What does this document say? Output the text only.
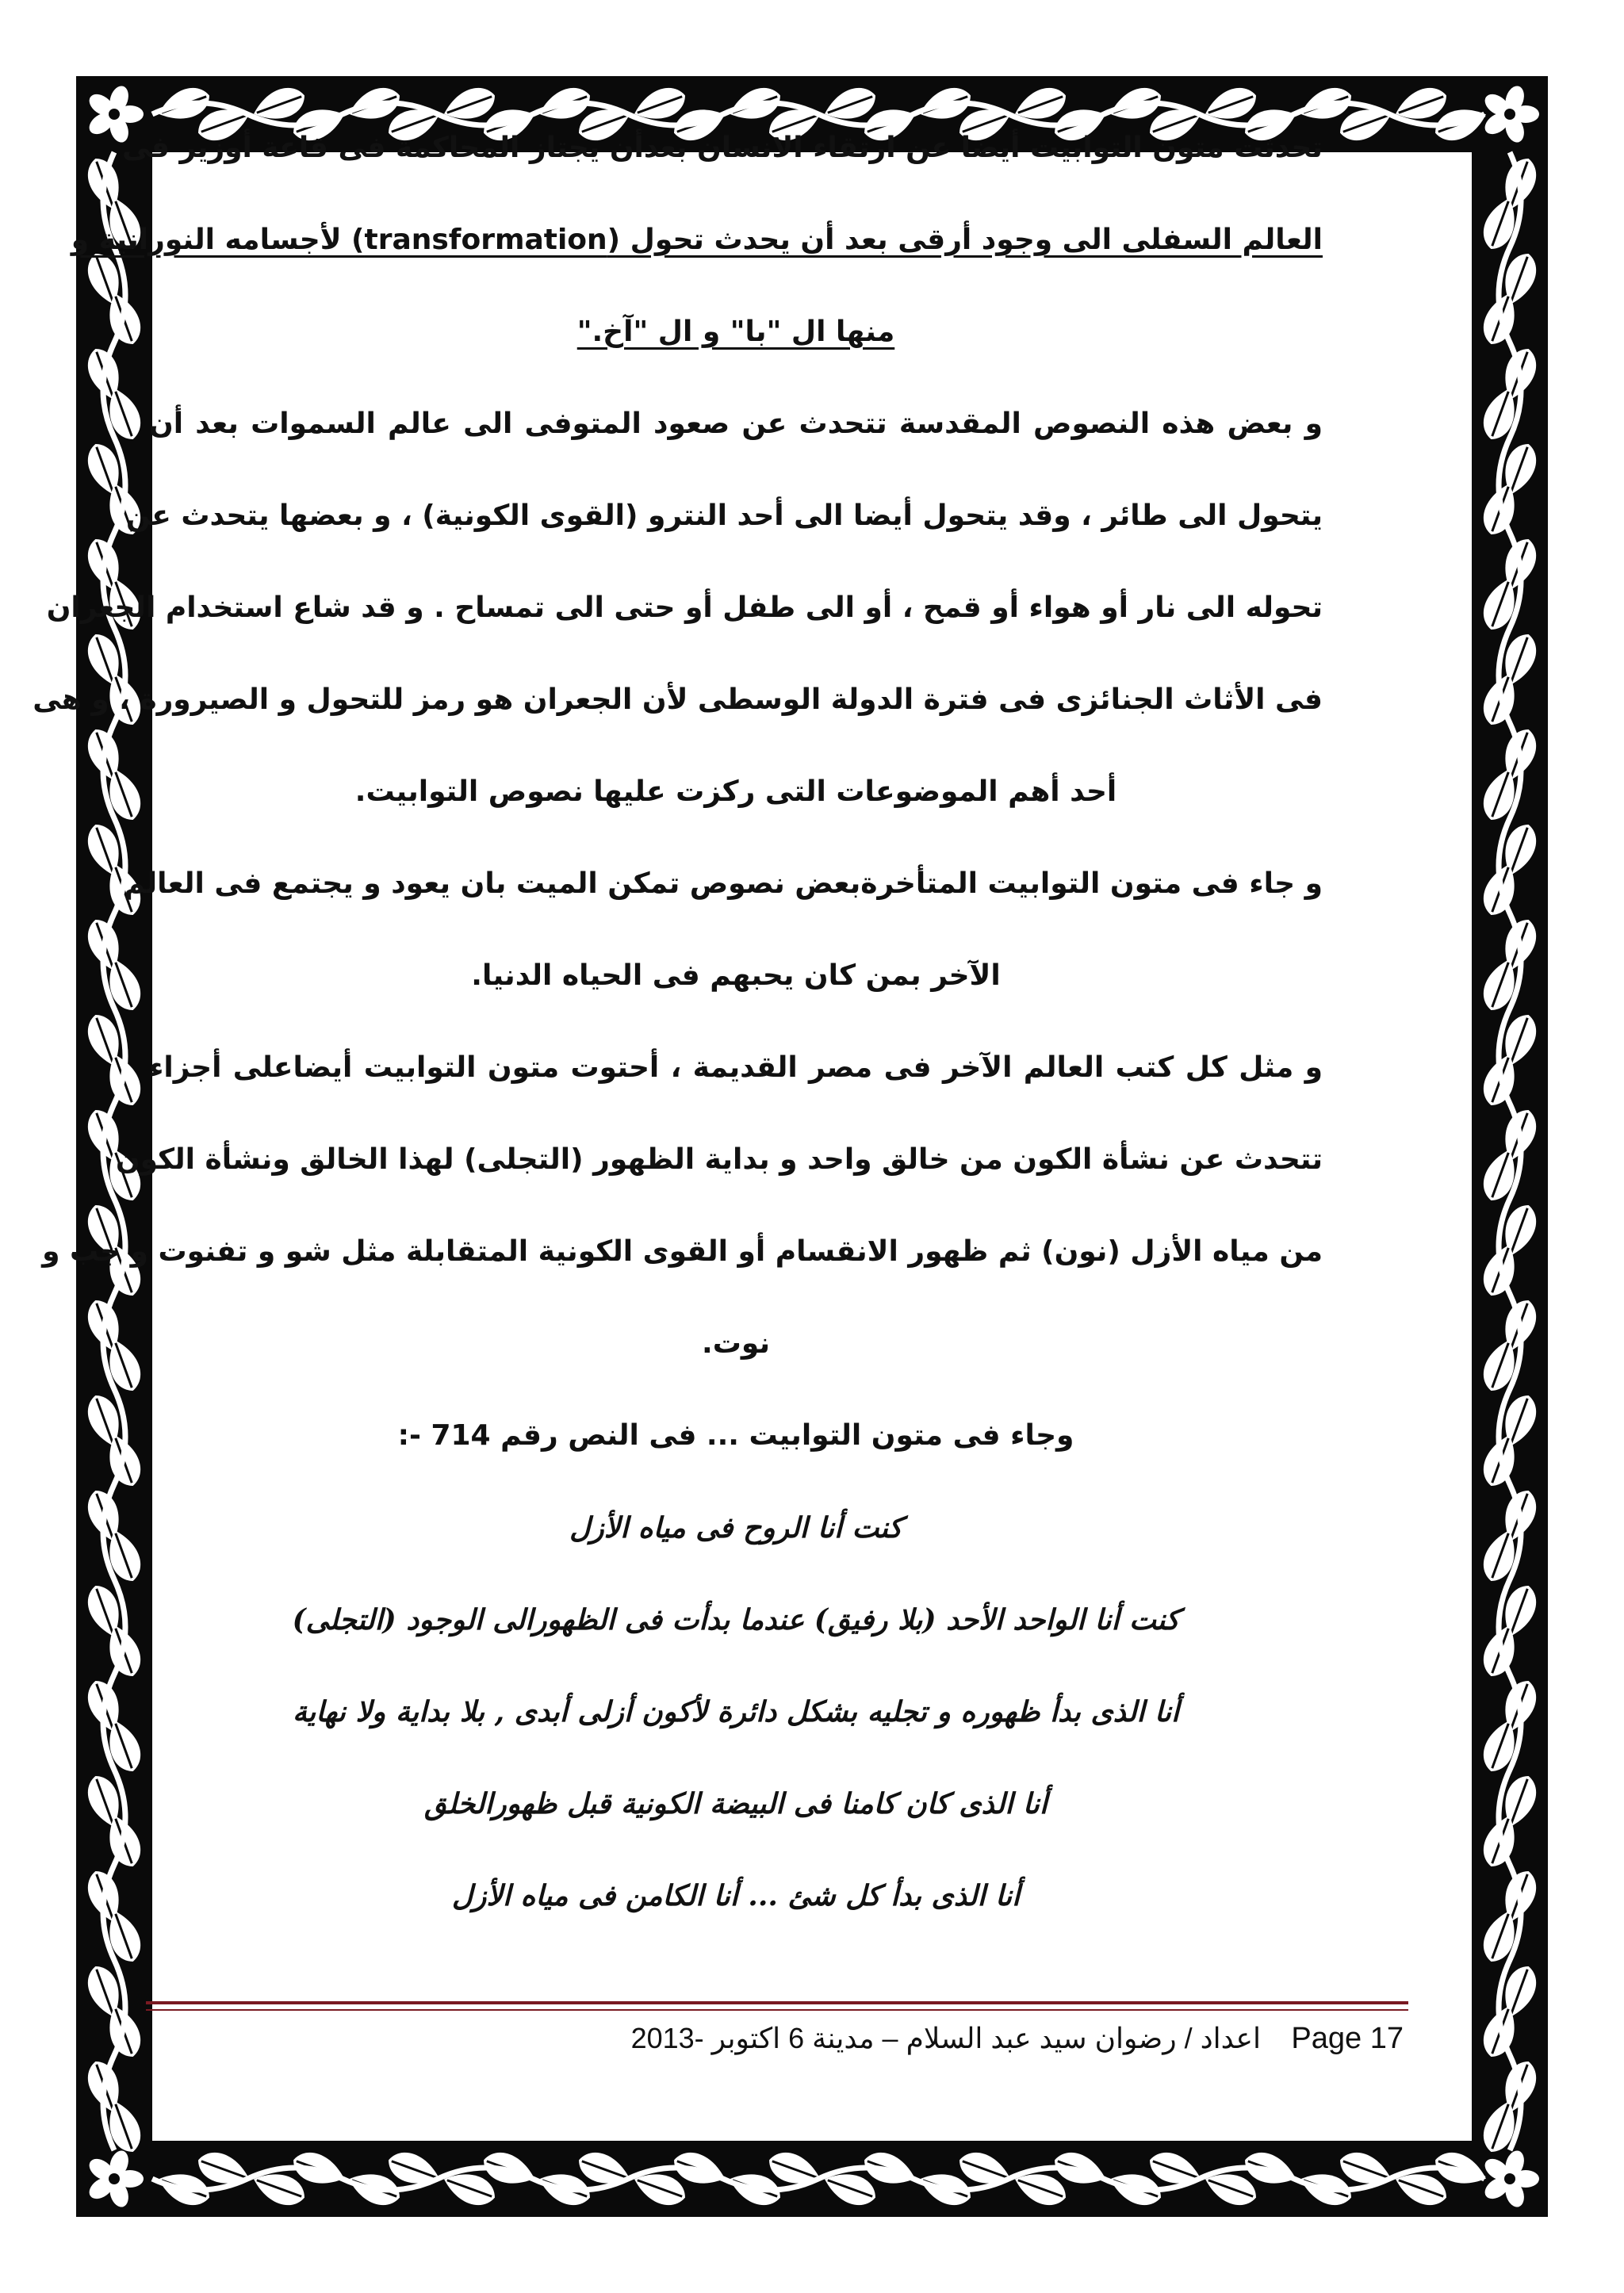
تحدثت متون التوابيت أيضا عن ارتقاء الانسان بعدأن يجتاز المحاكمة فى قاعة أوزير فى
العالم السفلى الى وجود أرقى بعد أن يحدث تحول (transformation) لأجسامه النورانية و
منها ال "با" و ال "آخ."
و بعض هذه النصوص المقدسة تتحدث عن صعود المتوفى الى عالم السموات بعد أن
يتحول الى طائر ، وقد يتحول أيضا الى أحد النترو (القوى الكونية) ، و بعضها يتحدث عن
تحوله الى نار أو هواء أو قمح ، أو الى طفل أو حتى الى تمساح . و قد شاع استخدام الجعران
فى الأثاث الجنائزى فى فترة الدولة الوسطى لأن الجعران هو رمز للتحول و الصيرورة ، و هى
أحد أهم الموضوعات التى ركزت عليها نصوص التوابيت.
و جاء فى متون التوابيت المتأخرةبعض نصوص تمكن الميت بان يعود و يجتمع فى العالم
الآخر بمن كان يحبهم فى الحياه الدنيا.
و مثل كل كتب العالم الآخر فى مصر القديمة ، أحتوت متون التوابيت أيضاعلى أجزاء
تتحدث عن نشأة الكون من خالق واحد و بداية الظهور (التجلى) لهذا الخالق ونشأة الكون
من مياه الأزل (نون) ثم ظهور الانقسام أو القوى الكونية المتقابلة مثل شو و تفنوت و جب و
نوت.
وجاء فى متون التوابيت ... فى النص رقم 714 -:
كنت أنا الروح فى مياه الأزل
كنت أنا الواحد الأحد (بلا رفيق) عندما بدأت فى الظهورالى الوجود (التجلى)
أنا الذى بدأ ظهوره و تجليه بشكل دائرة لأكون أزلى أبدى , بلا بداية ولا نهاية
أنا الذى كان كامنا فى البيضة الكونية قبل ظهورالخلق
أنا الذى بدأ كل شئ ... أنا الكامن فى مياه الأزل
Page 17
اعداد / رضوان سيد عبد السلام – مدينة 6 اكتوبر -2013
